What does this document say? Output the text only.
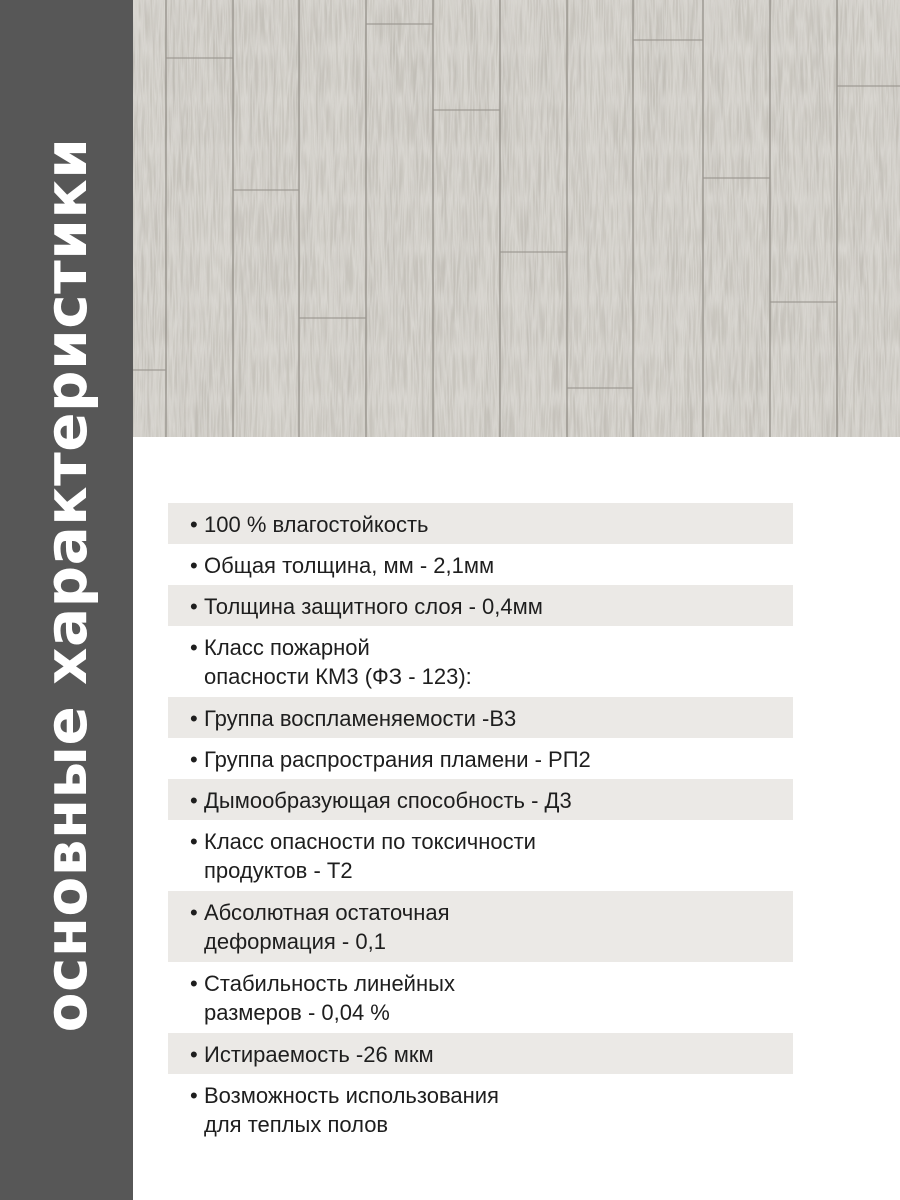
основные характеристики	• 100 % влагостойкость
• Общая толщина, мм - 2,1мм
• Толщина защитного слоя - 0,4мм
• Класс пожарной
опасности КМ3 (ФЗ - 123):
• Группа воспламеняемости -В3
• Группа распространия пламени - РП2
• Дымообразующая способность - Д3
• Класс опасности по токсичности
продуктов - Т2
• Абсолютная остаточная
деформация - 0,1
• Стабильность линейных
размеров - 0,04 %
• Истираемость -26 мкм
• Возможность использования
для теплых полов
